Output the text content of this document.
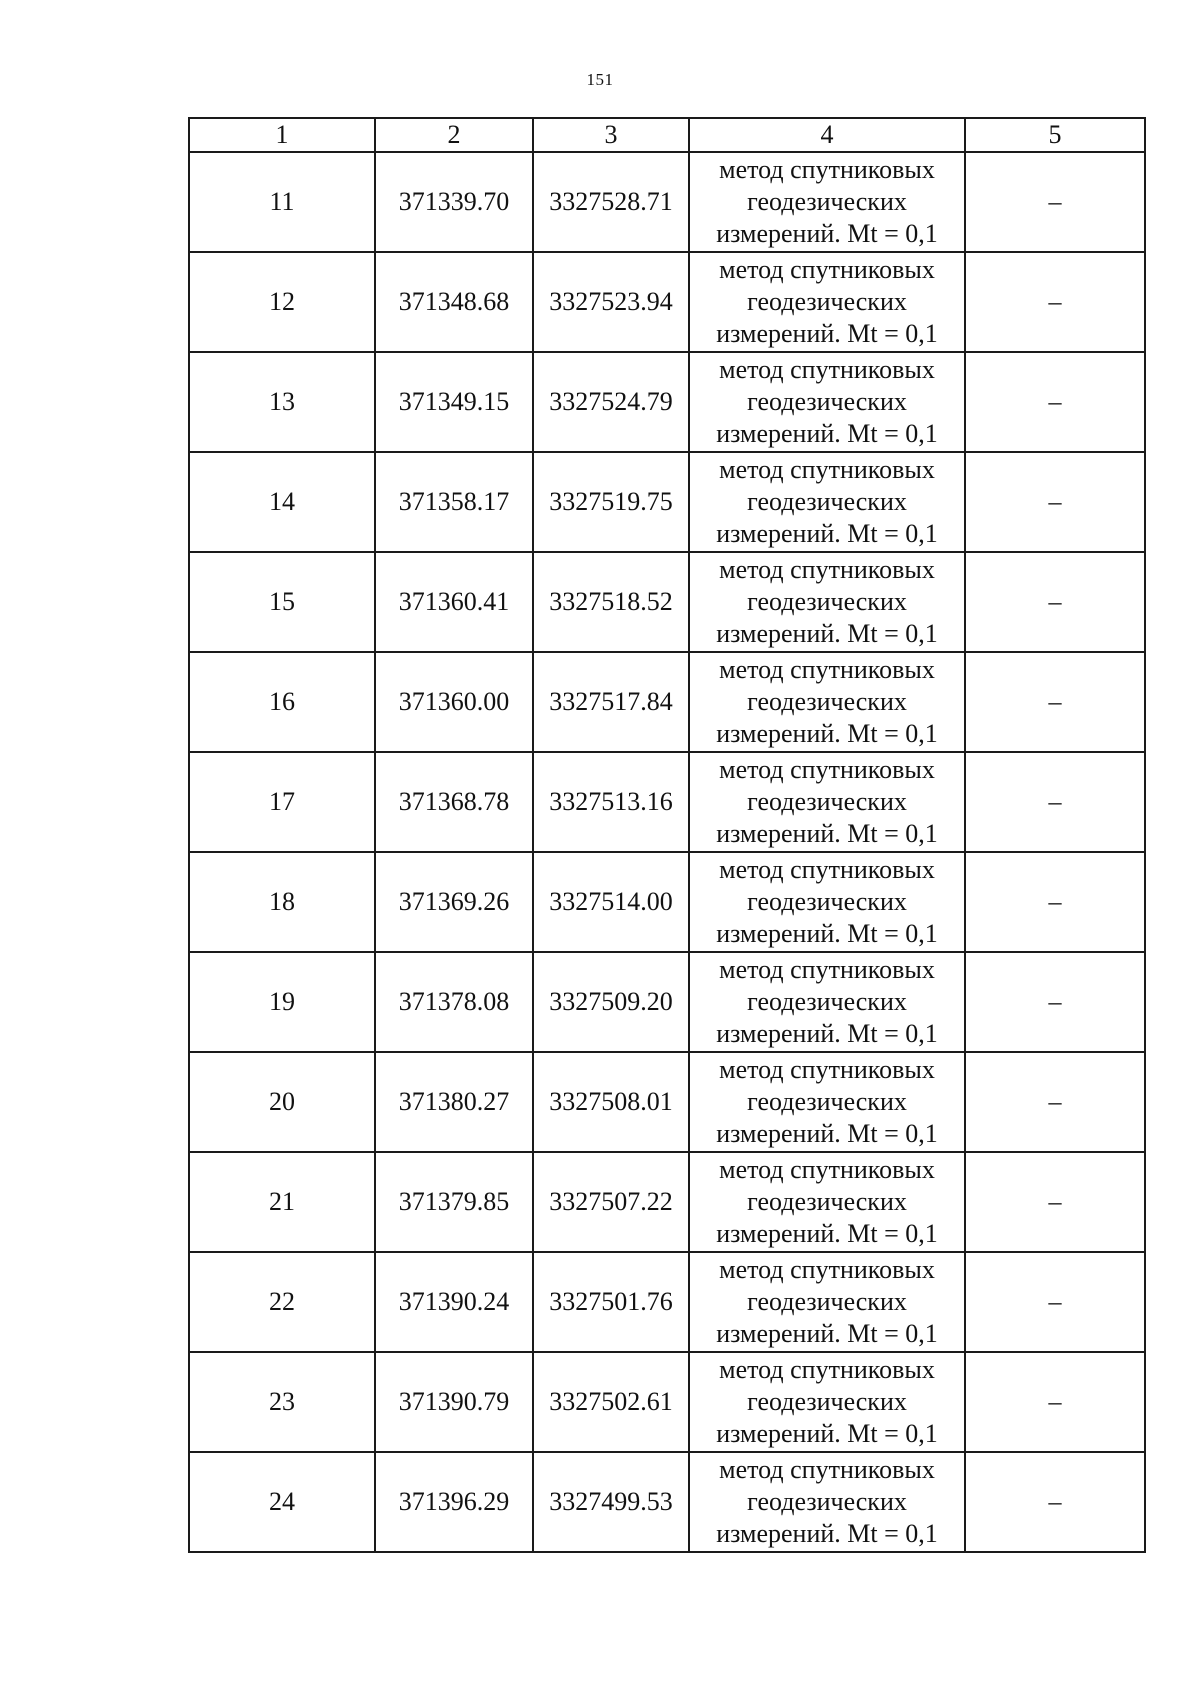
151
1	2	3	4	5
11	371339.70	3327528.71	метод спутниковых
геодезических
измерений. Mt = 0,1	–
12	371348.68	3327523.94	метод спутниковых
геодезических
измерений. Mt = 0,1	–
13	371349.15	3327524.79	метод спутниковых
геодезических
измерений. Mt = 0,1	–
14	371358.17	3327519.75	метод спутниковых
геодезических
измерений. Mt = 0,1	–
15	371360.41	3327518.52	метод спутниковых
геодезических
измерений. Mt = 0,1	–
16	371360.00	3327517.84	метод спутниковых
геодезических
измерений. Mt = 0,1	–
17	371368.78	3327513.16	метод спутниковых
геодезических
измерений. Mt = 0,1	–
18	371369.26	3327514.00	метод спутниковых
геодезических
измерений. Mt = 0,1	–
19	371378.08	3327509.20	метод спутниковых
геодезических
измерений. Mt = 0,1	–
20	371380.27	3327508.01	метод спутниковых
геодезических
измерений. Mt = 0,1	–
21	371379.85	3327507.22	метод спутниковых
геодезических
измерений. Mt = 0,1	–
22	371390.24	3327501.76	метод спутниковых
геодезических
измерений. Mt = 0,1	–
23	371390.79	3327502.61	метод спутниковых
геодезических
измерений. Mt = 0,1	–
24	371396.29	3327499.53	метод спутниковых
геодезических
измерений. Mt = 0,1	–
